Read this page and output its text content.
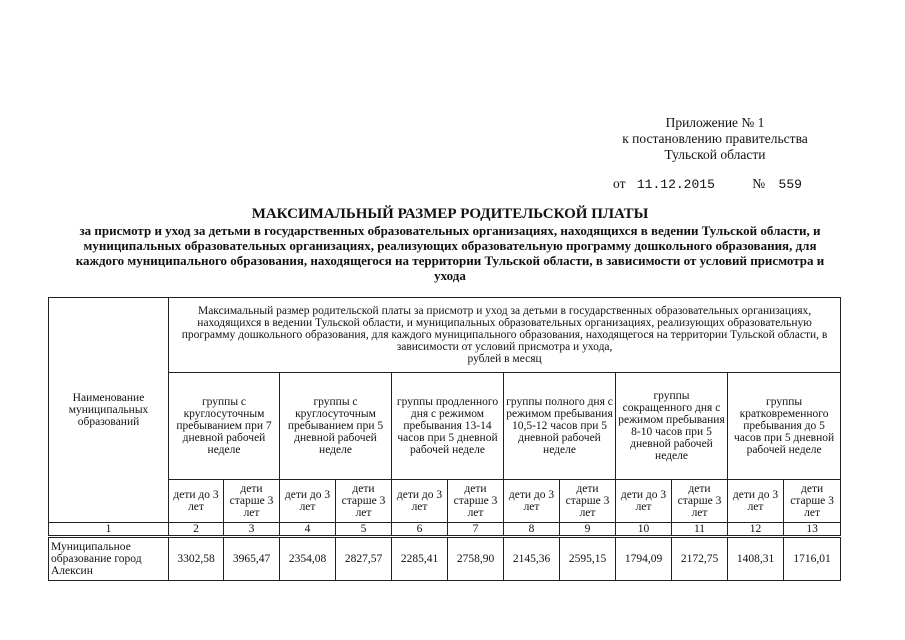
Приложение № 1
к постановлению правительства
Тульской области
от 11.12.2015	№ 559
МАКСИМАЛЬНЫЙ РАЗМЕР РОДИТЕЛЬСКОЙ ПЛАТЫ
за присмотр и уход за детьми в государственных образовательных организациях, находящихся в ведении Тульской области, и муниципальных образовательных организациях, реализующих образовательную программу дошкольного образования, для каждого муниципального образования, находящегося на территории Тульской области, в зависимости от условий присмотра и ухода
Наименование муниципальных образований	Максимальный размер родительской платы за присмотр и уход за детьми в государственных образовательных организациях, находящихся в ведении Тульской области, и муниципальных образовательных организациях, реализующих образовательную программу дошкольного образования, для каждого муниципального образования, находящегося на территории Тульской области, в зависимости от условий присмотра и ухода,
рублей в месяц											

	группы с круглосуточным пребыванием при 7 дневной рабочей неделе		группы с круглосуточным пребыванием при 5 дневной рабочей неделе		группы продленного дня с режимом пребывания 13-14 часов при 5 дневной рабочей неделе		группы полного дня с режимом пребывания 10,5-12 часов при 5 дневной рабочей неделе		группы сокращенного дня с режимом пребывания 8-10 часов при 5 дневной рабочей неделе		группы кратковременного пребывания до 5 часов при 5 дневной рабочей неделе	
	дети до 3 лет	дети старше 3 лет	дети до 3 лет	дети старше 3 лет	дети до 3 лет	дети старше 3 лет	дети до 3 лет	дети старше 3 лет	дети до 3 лет	дети старше 3 лет	дети до 3 лет	дети старше 3 лет
1	2	3	4	5	6	7	8	9	10	11	12	13
Муниципальное образование город Алексин	3302,58	3965,47	2354,08	2827,57	2285,41	2758,90	2145,36	2595,15	1794,09	2172,75	1408,31	1716,01
